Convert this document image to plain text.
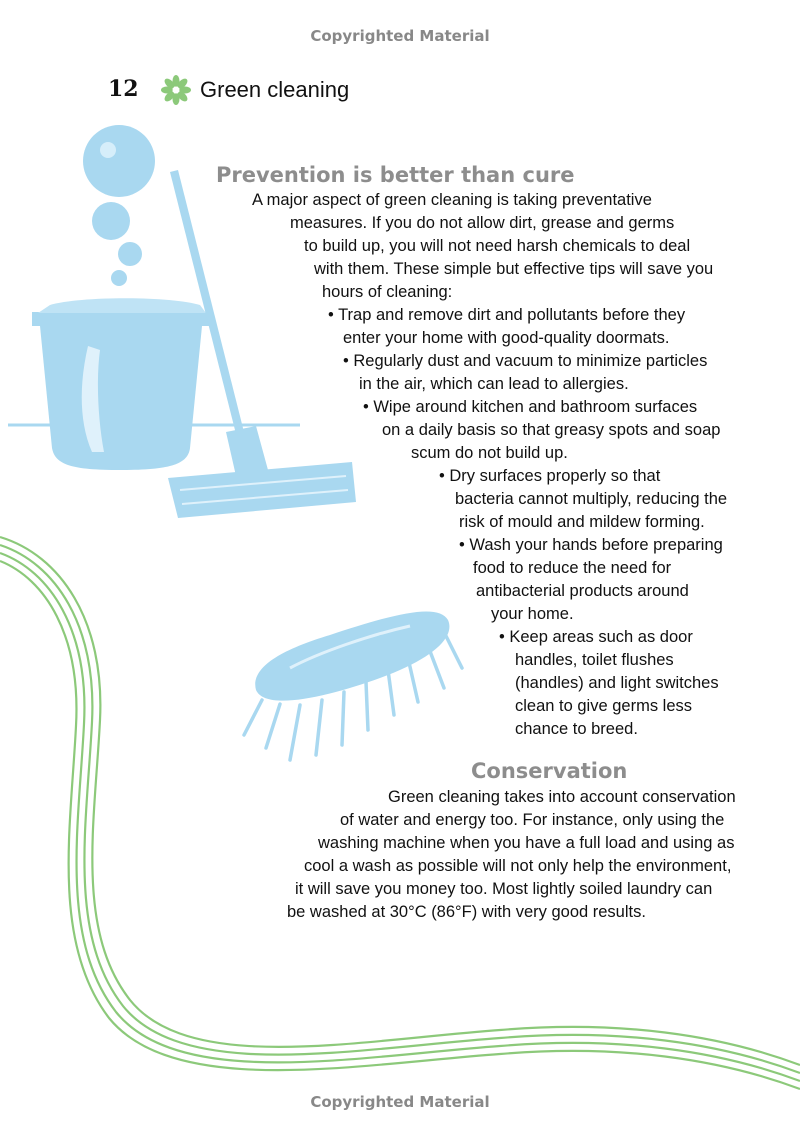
Copyrighted Material
12	Green cleaning
Prevention is better than cure
A major aspect of green cleaning is taking preventative
measures. If you do not allow dirt, grease and germs
to build up, you will not need harsh chemicals to deal
with them. These simple but effective tips will save you
hours of cleaning:
• Trap and remove dirt and pollutants before they
enter your home with good-quality doormats.
• Regularly dust and vacuum to minimize particles
in the air, which can lead to allergies.
• Wipe around kitchen and bathroom surfaces
on a daily basis so that greasy spots and soap
scum do not build up.
• Dry surfaces properly so that
bacteria cannot multiply, reducing the
risk of mould and mildew forming.
• Wash your hands before preparing
food to reduce the need for
antibacterial products around
your home.
• Keep areas such as door
handles, toilet flushes
(handles) and light switches
clean to give germs less
chance to breed.
Conservation
Green cleaning takes into account conservation
of water and energy too. For instance, only using the
washing machine when you have a full load and using as
cool a wash as possible will not only help the environment,
it will save you money too. Most lightly soiled laundry can
be washed at 30°C (86°F) with very good results.
Copyrighted Material
